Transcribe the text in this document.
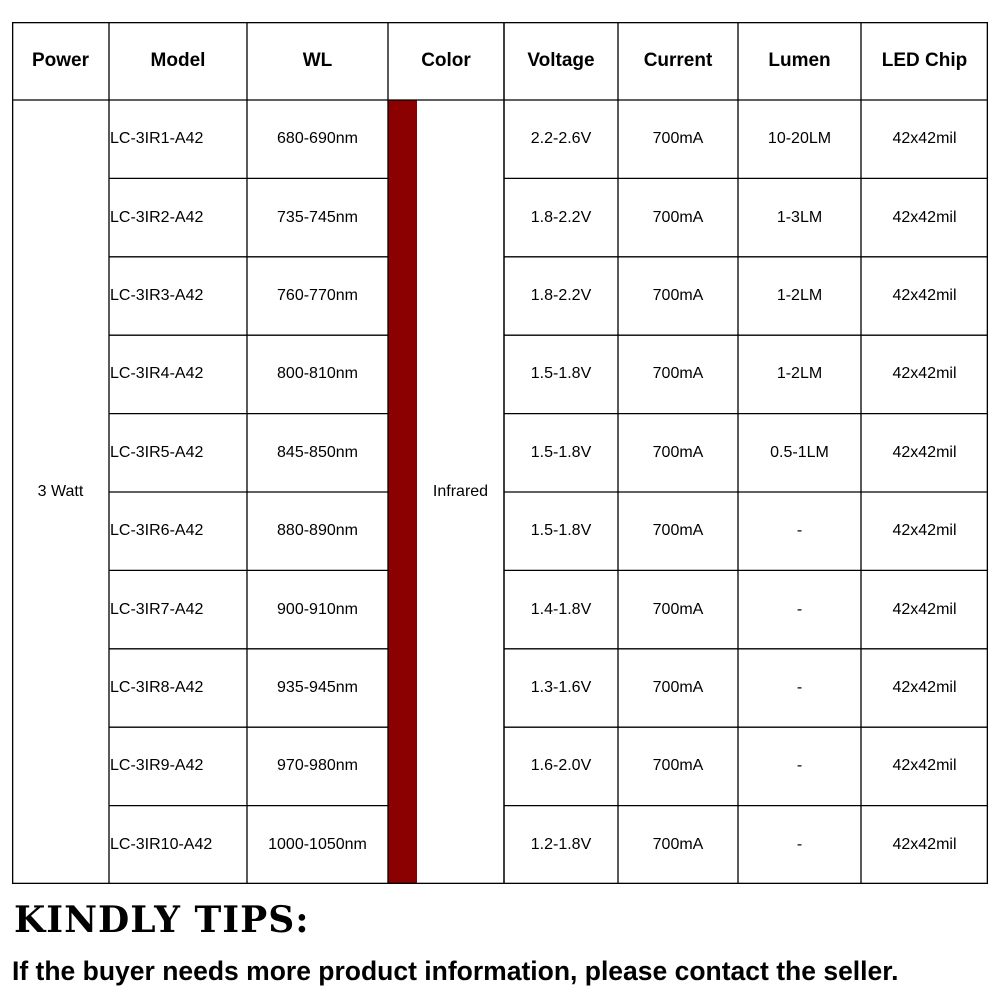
Power	Model	WL	Color	Voltage	Current	Lumen	LED Chip
3 Watt	Infrared
LC-3IR1-A42	680-690nm	2.2-2.6V	700mA	10-20LM	42x42mil
LC-3IR2-A42	735-745nm	1.8-2.2V	700mA	1-3LM	42x42mil
LC-3IR3-A42	760-770nm	1.8-2.2V	700mA	1-2LM	42x42mil
LC-3IR4-A42	800-810nm	1.5-1.8V	700mA	1-2LM	42x42mil
LC-3IR5-A42	845-850nm	1.5-1.8V	700mA	0.5-1LM	42x42mil
LC-3IR6-A42	880-890nm	1.5-1.8V	700mA	-	42x42mil
LC-3IR7-A42	900-910nm	1.4-1.8V	700mA	-	42x42mil
LC-3IR8-A42	935-945nm	1.3-1.6V	700mA	-	42x42mil
LC-3IR9-A42	970-980nm	1.6-2.0V	700mA	-	42x42mil
LC-3IR10-A42	1000-1050nm	1.2-1.8V	700mA	-	42x42mil
KINDLY TIPS:

If the buyer needs more product information, please contact the seller.
